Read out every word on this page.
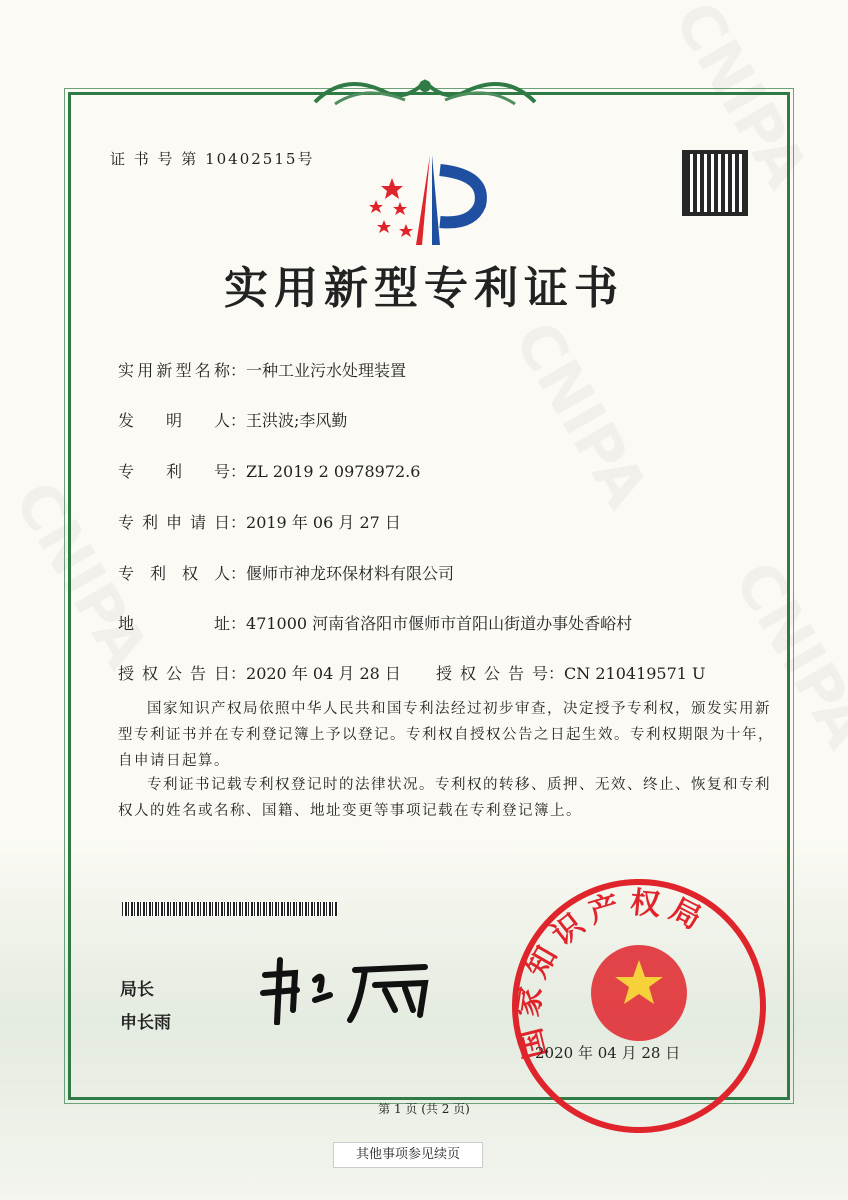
证 书 号 第 10402515号
实用新型专利证书
实用新型名称：一种工业污水处理装置
发明人：王洪波;李风勤
专利号：ZL 2019 2 0978972.6
专利申请日：2019 年 06 月 27 日
专利权人：偃师市神龙环保材料有限公司
地址：471000 河南省洛阳市偃师市首阳山街道办事处香峪村
授权公告日：2020 年 04 月 28 日 授权公告号：CN 210419571 U

国家知识产权局依照中华人民共和国专利法经过初步审查，决定授予专利权，颁发实用新型专利证书并在专利登记簿上予以登记。专利权自授权公告之日起生效。专利权期限为十年，自申请日起算。

专利证书记载专利权登记时的法律状况。专利权的转移、质押、无效、终止、恢复和专利权人的姓名或名称、国籍、地址变更等事项记载在专利登记簿上。

局长
申长雨	国家知识产权局
2020 年 04 月 28 日
第 1 页 (共 2 页)
其他事项参见续页
